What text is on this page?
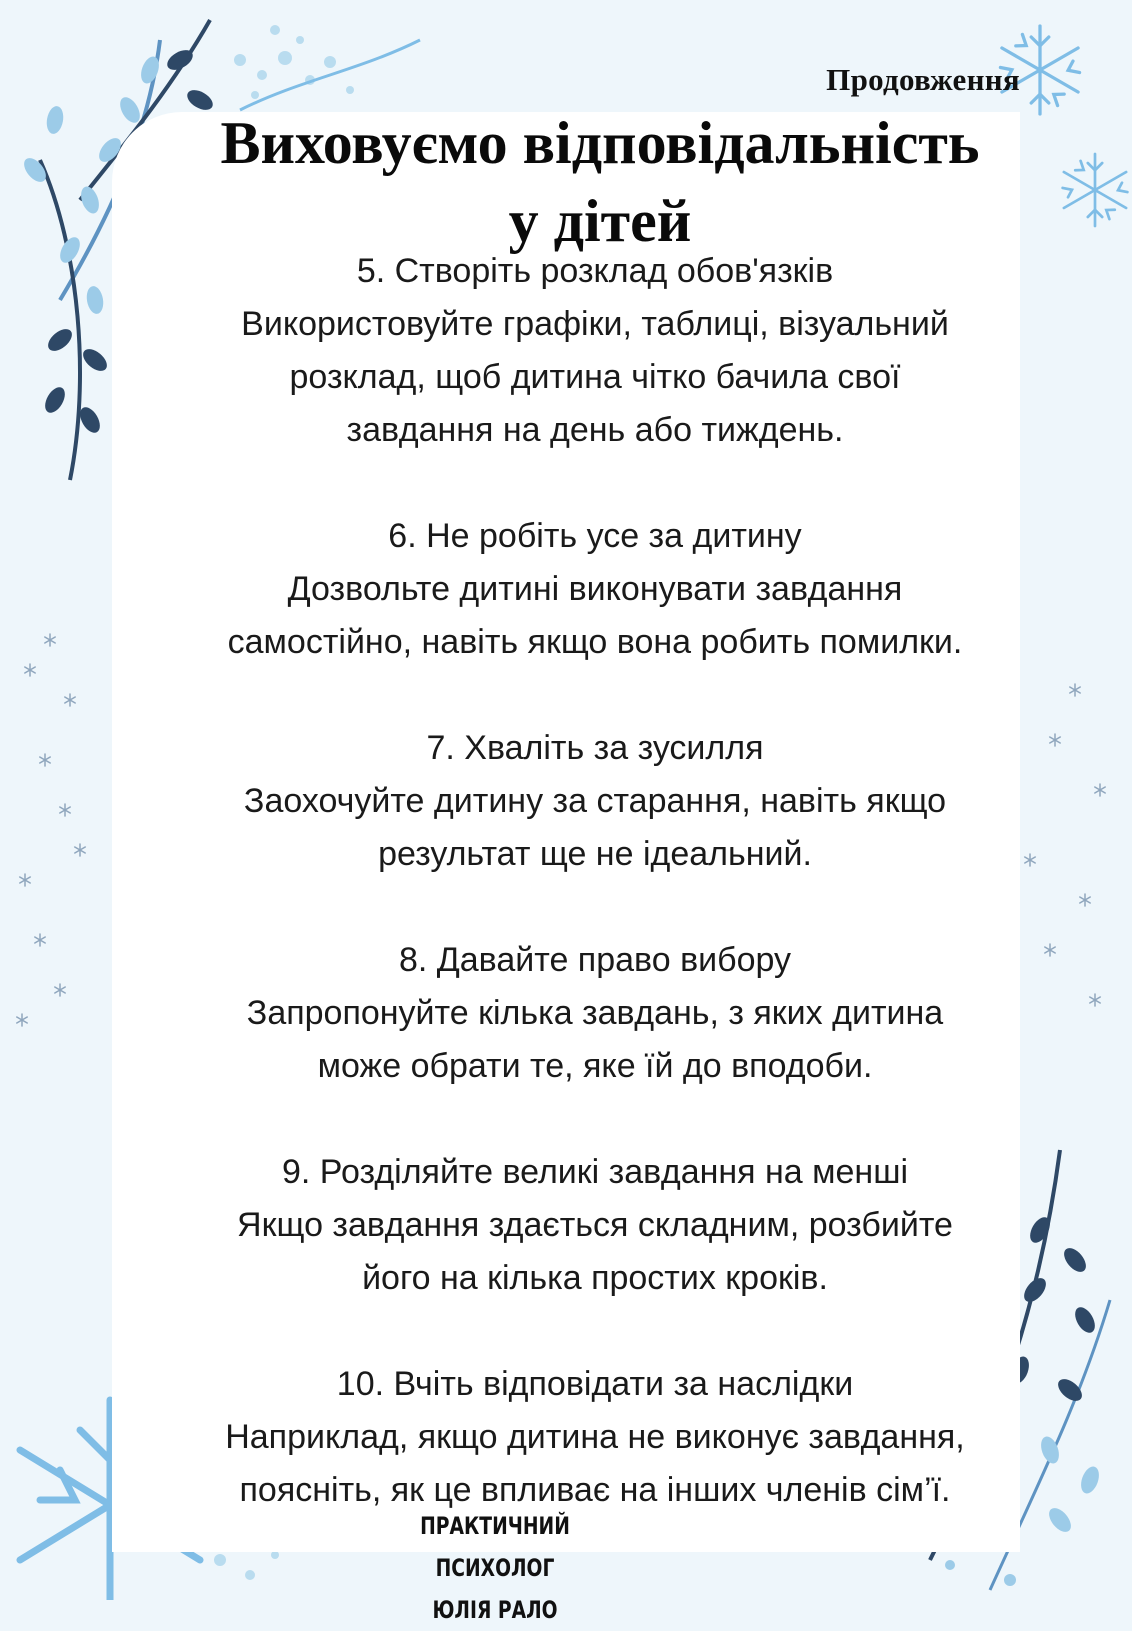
Продовження
Виховуємо відповідальність
у дітей
5. Створіть розклад обов'язків
Використовуйте графіки, таблиці, візуальний
розклад, щоб дитина чітко бачила свої
завдання на день або тиждень.
6. Не робіть усе за дитину
Дозвольте дитині виконувати завдання
самостійно, навіть якщо вона робить помилки.
7. Хваліть за зусилля
Заохочуйте дитину за старання, навіть якщо
результат ще не ідеальний.
8. Давайте право вибору
Запропонуйте кілька завдань, з яких дитина
може обрати те, яке їй до вподоби.
9. Розділяйте великі завдання на менші
Якщо завдання здається складним, розбийте
його на кілька простих кроків.
10. Вчіть відповідати за наслідки
Наприклад, якщо дитина не виконує завдання,
поясніть, як це впливає на інших членів сім’ї.
ПРАКТИЧНИЙ ПСИХОЛОГ
ЮЛІЯ РАЛО
